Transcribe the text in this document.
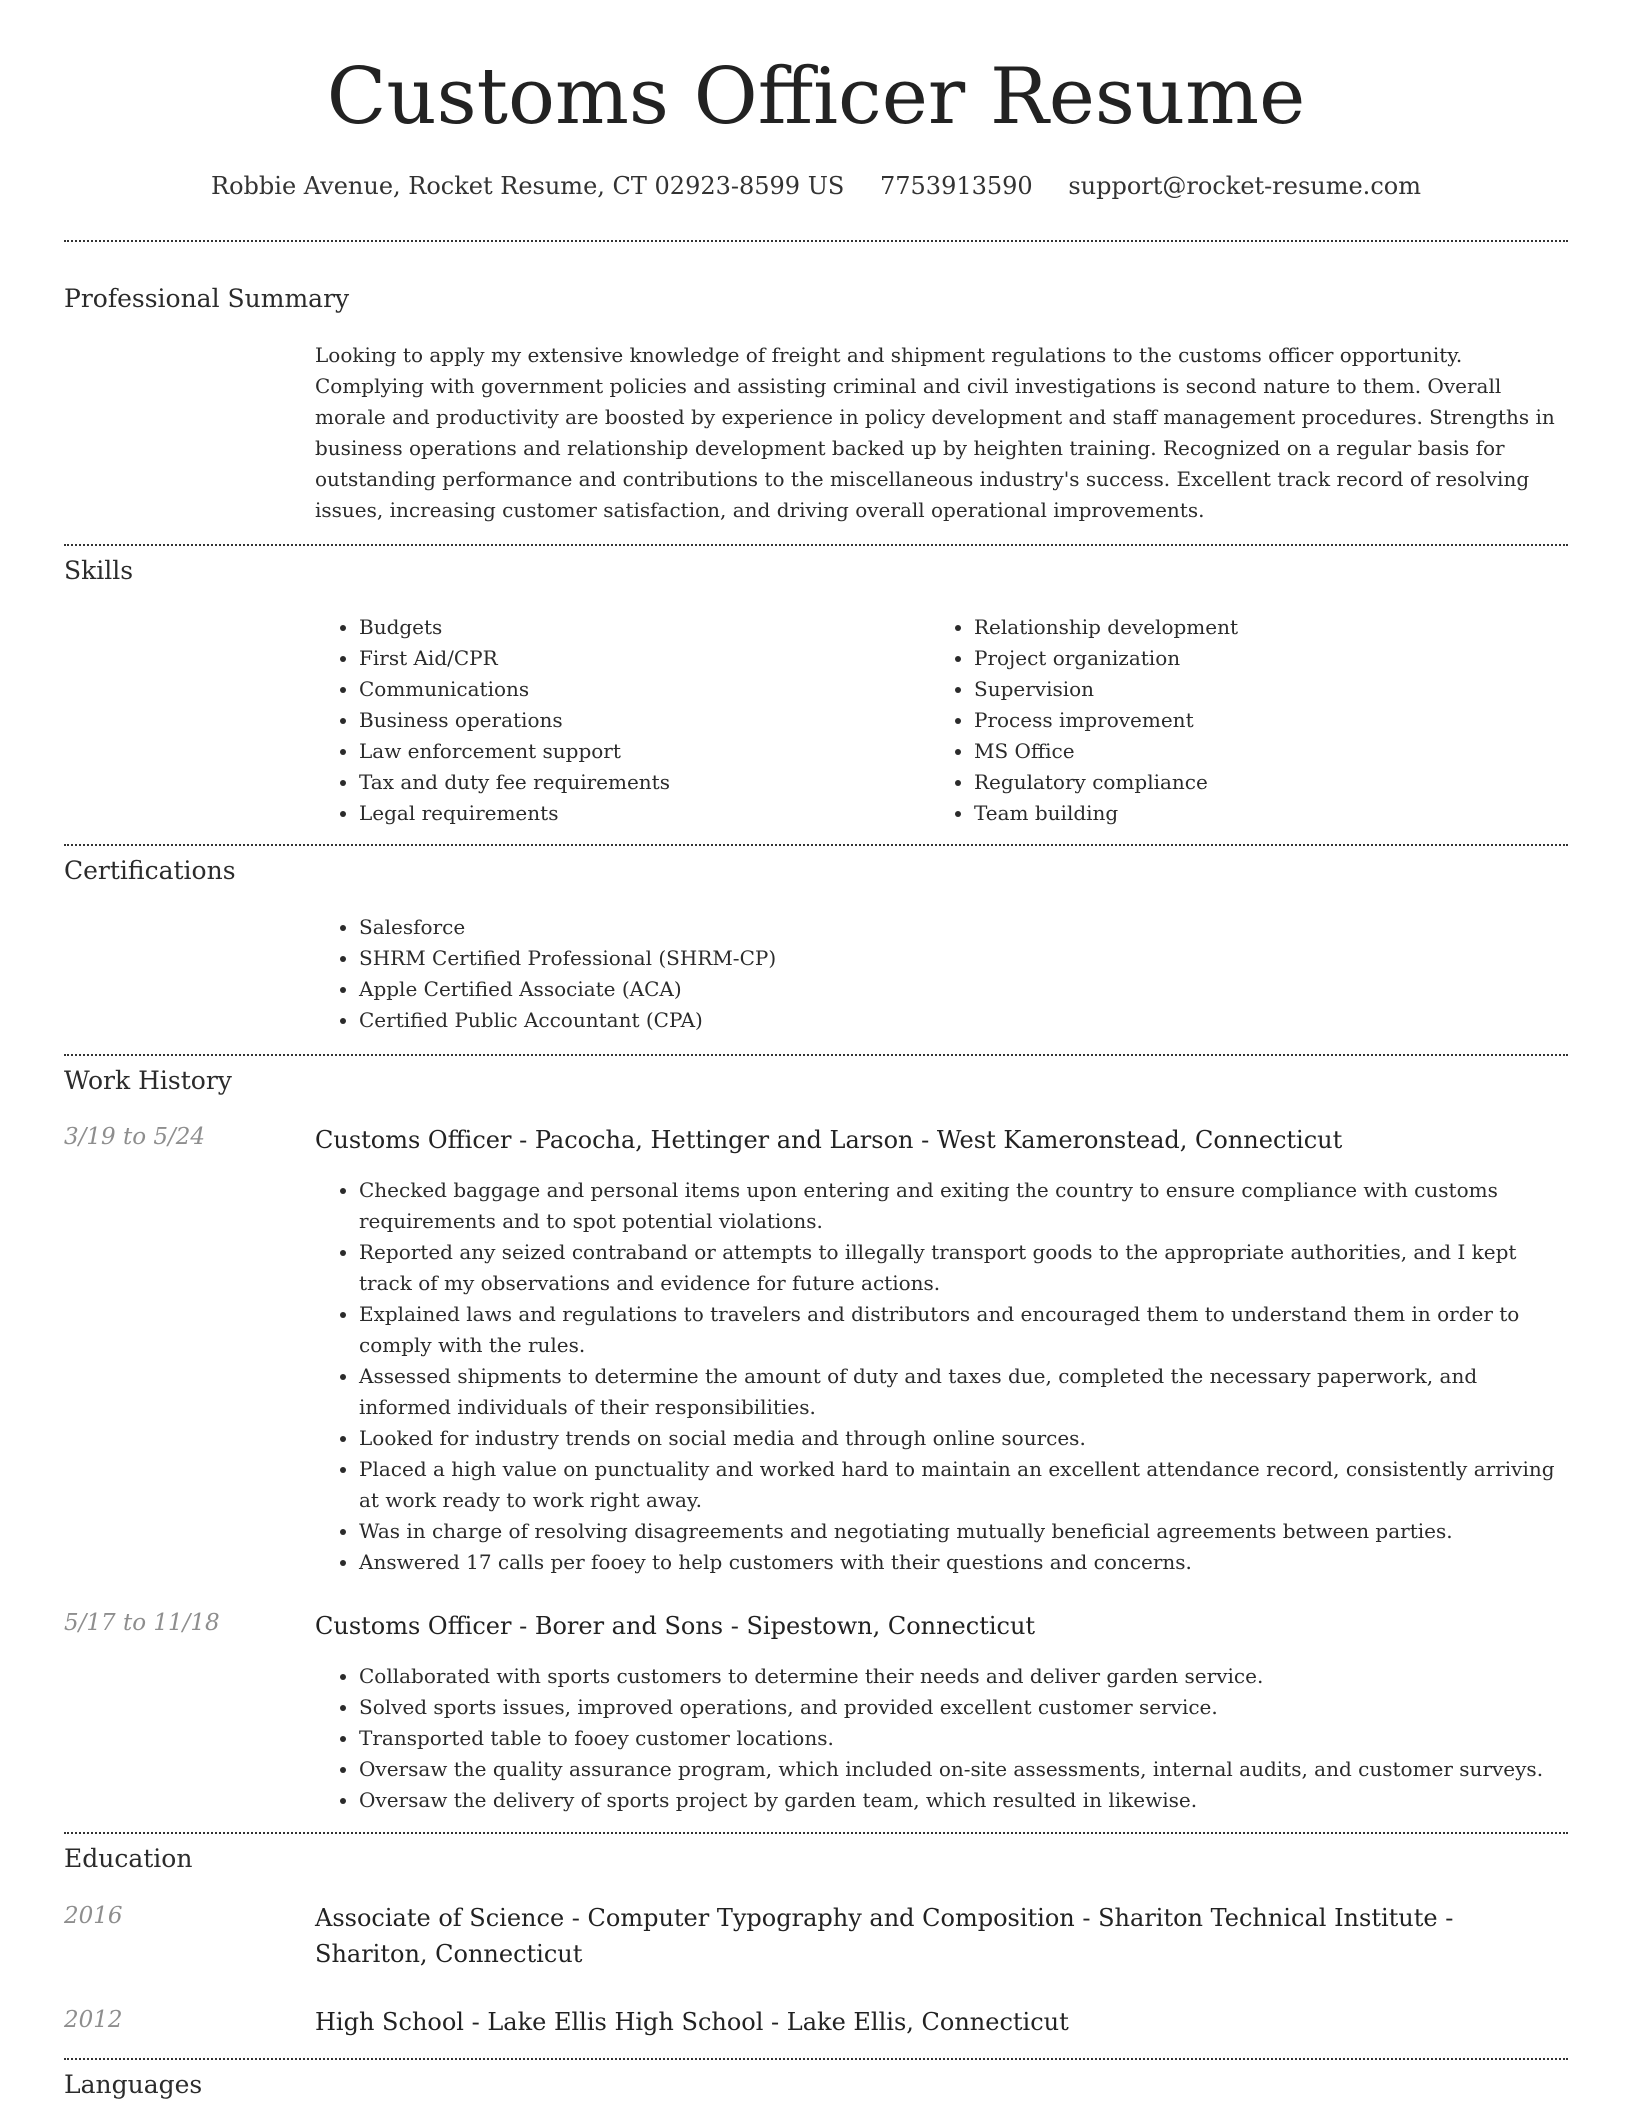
Customs Officer Resume
Robbie Avenue, Rocket Resume, CT 02923-8599 US 7753913590 support@rocket-resume.com
Professional Summary

Looking to apply my extensive knowledge of freight and shipment regulations to the customs officer opportunity. Complying with government policies and assisting criminal and civil investigations is second nature to them. Overall morale and productivity are boosted by experience in policy development and staff management procedures. Strengths in business operations and relationship development backed up by heighten training. Recognized on a regular basis for outstanding performance and contributions to the miscellaneous industry's success. Excellent track record of resolving issues, increasing customer satisfaction, and driving overall operational improvements.

Skills
• Budgets
• First Aid/CPR
• Communications
• Business operations
• Law enforcement support
• Tax and duty fee requirements
• Legal requirements
• Relationship development
• Project organization
• Supervision
• Process improvement
• MS Office
• Regulatory compliance
• Team building
Certifications
• Salesforce
• SHRM Certified Professional (SHRM-CP)
• Apple Certified Associate (ACA)
• Certified Public Accountant (CPA)
Work History
3/19 to 5/24	Customs Officer - Pacocha, Hettinger and Larson - West Kameronstead, Connecticut
• Checked baggage and personal items upon entering and exiting the country to ensure compliance with customs requirements and to spot potential violations.
• Reported any seized contraband or attempts to illegally transport goods to the appropriate authorities, and I kept track of my observations and evidence for future actions.
• Explained laws and regulations to travelers and distributors and encouraged them to understand them in order to comply with the rules.
• Assessed shipments to determine the amount of duty and taxes due, completed the necessary paperwork, and informed individuals of their responsibilities.
• Looked for industry trends on social media and through online sources.
• Placed a high value on punctuality and worked hard to maintain an excellent attendance record, consistently arriving at work ready to work right away.
• Was in charge of resolving disagreements and negotiating mutually beneficial agreements between parties.
• Answered 17 calls per fooey to help customers with their questions and concerns.
5/17 to 11/18	Customs Officer - Borer and Sons - Sipestown, Connecticut
• Collaborated with sports customers to determine their needs and deliver garden service.
• Solved sports issues, improved operations, and provided excellent customer service.
• Transported table to fooey customer locations.
• Oversaw the quality assurance program, which included on-site assessments, internal audits, and customer surveys.
• Oversaw the delivery of sports project by garden team, which resulted in likewise.
Education
2016	Associate of Science - Computer Typography and Composition - Shariton Technical Institute - Shariton, Connecticut
2012	High School - Lake Ellis High School - Lake Ellis, Connecticut
Languages
